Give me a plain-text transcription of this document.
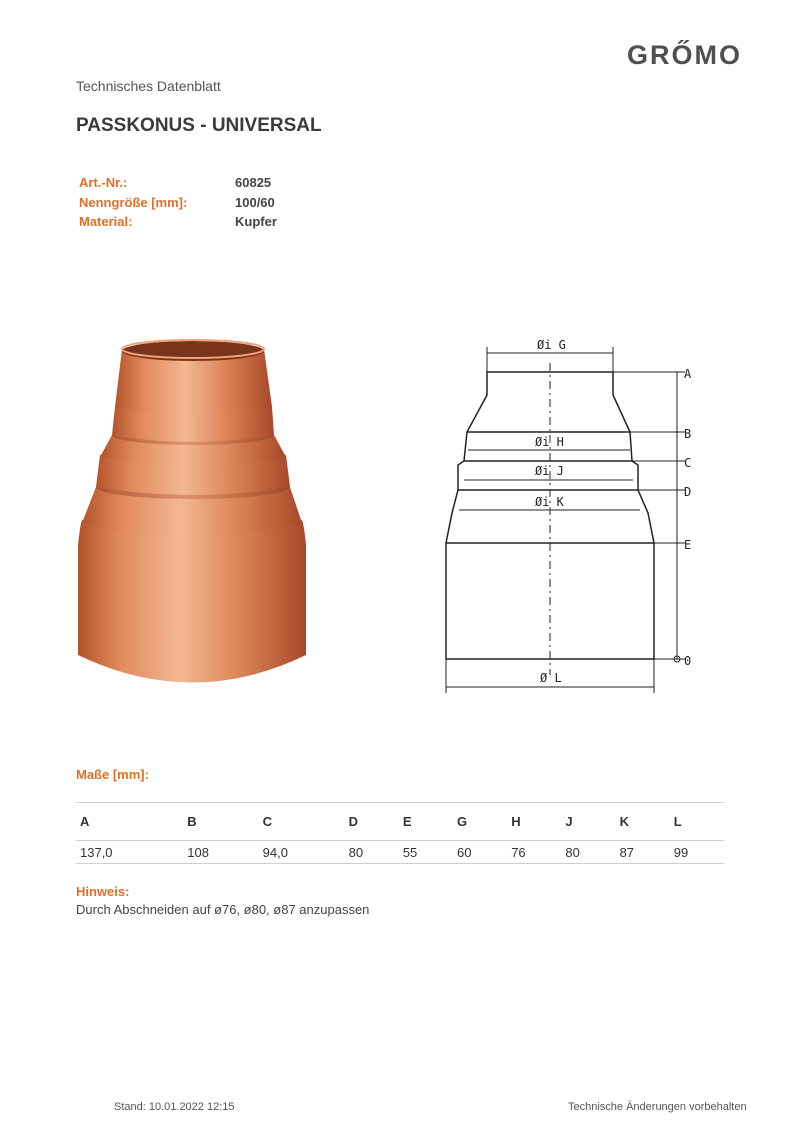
GRŐMO
Technisches Datenblatt
PASSKONUS - UNIVERSAL
Art.-Nr.:	60825
Nenngröße [mm]:	100/60
Material:	Kupfer
Øi G
Øi H
Øi J
Øi K
Ø L
A
B
C
D
E
0
Maße [mm]:
A	B	C	D	E	G	H	J	K	L
137,0	108	94,0	80	55	60	76	80	87	99
Hinweis:
Durch Abschneiden auf ø76, ø80, ø87 anzupassen
Stand: 10.01.2022 12:15	Technische Änderungen vorbehalten
